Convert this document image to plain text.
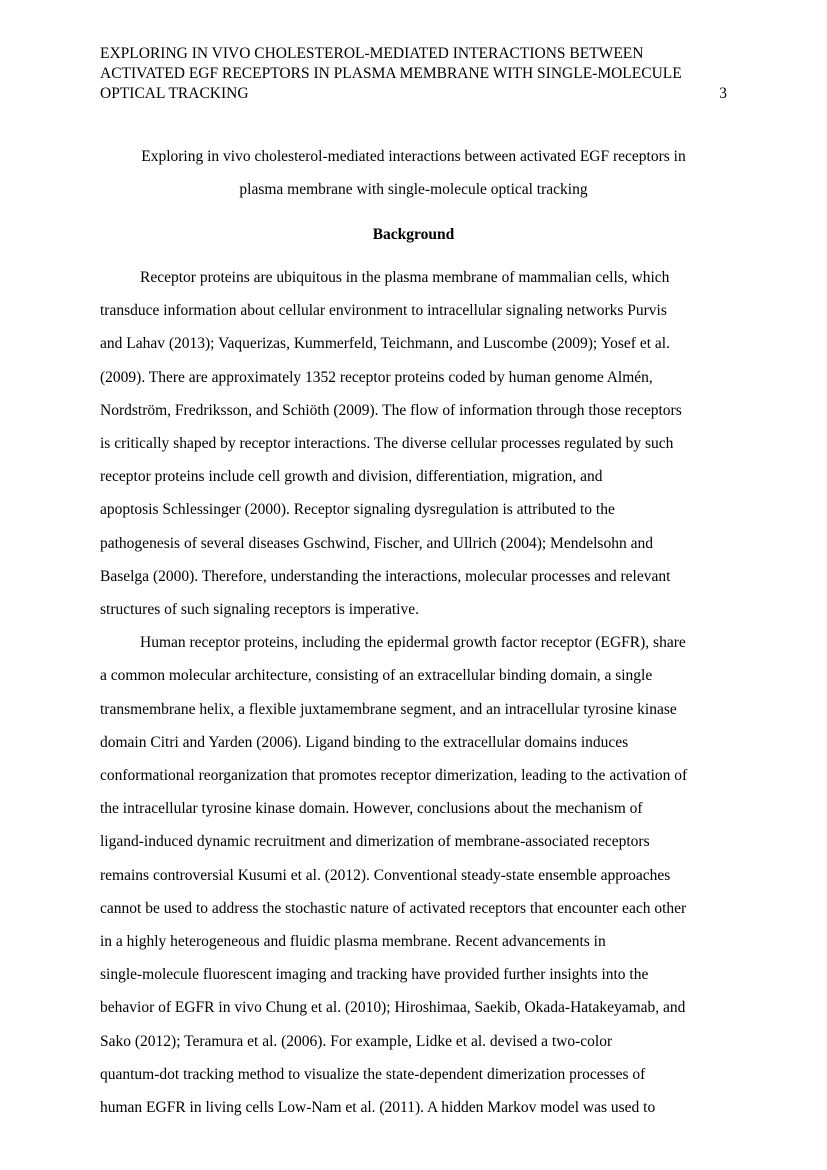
EXPLORING IN VIVO CHOLESTEROL-MEDIATED INTERACTIONS BETWEEN
ACTIVATED EGF RECEPTORS IN PLASMA MEMBRANE WITH SINGLE-MOLECULE
OPTICAL TRACKING	3
Exploring in vivo cholesterol-mediated interactions between activated EGF receptors in
plasma membrane with single-molecule optical tracking
Background
Receptor proteins are ubiquitous in the plasma membrane of mammalian cells, which
transduce information about cellular environment to intracellular signaling networks Purvis
and Lahav (2013); Vaquerizas, Kummerfeld, Teichmann, and Luscombe (2009); Yosef et al.
(2009). There are approximately 1352 receptor proteins coded by human genome Almén,
Nordström, Fredriksson, and Schiöth (2009). The flow of information through those receptors
is critically shaped by receptor interactions. The diverse cellular processes regulated by such
receptor proteins include cell growth and division, differentiation, migration, and
apoptosis Schlessinger (2000). Receptor signaling dysregulation is attributed to the
pathogenesis of several diseases Gschwind, Fischer, and Ullrich (2004); Mendelsohn and
Baselga (2000). Therefore, understanding the interactions, molecular processes and relevant
structures of such signaling receptors is imperative.
Human receptor proteins, including the epidermal growth factor receptor (EGFR), share
a common molecular architecture, consisting of an extracellular binding domain, a single
transmembrane helix, a flexible juxtamembrane segment, and an intracellular tyrosine kinase
domain Citri and Yarden (2006). Ligand binding to the extracellular domains induces
conformational reorganization that promotes receptor dimerization, leading to the activation of
the intracellular tyrosine kinase domain. However, conclusions about the mechanism of
ligand-induced dynamic recruitment and dimerization of membrane-associated receptors
remains controversial Kusumi et al. (2012). Conventional steady-state ensemble approaches
cannot be used to address the stochastic nature of activated receptors that encounter each other
in a highly heterogeneous and fluidic plasma membrane. Recent advancements in
single-molecule fluorescent imaging and tracking have provided further insights into the
behavior of EGFR in vivo Chung et al. (2010); Hiroshimaa, Saekib, Okada-Hatakeyamab, and
Sako (2012); Teramura et al. (2006). For example, Lidke et al. devised a two-color
quantum-dot tracking method to visualize the state-dependent dimerization processes of
human EGFR in living cells Low-Nam et al. (2011). A hidden Markov model was used to
